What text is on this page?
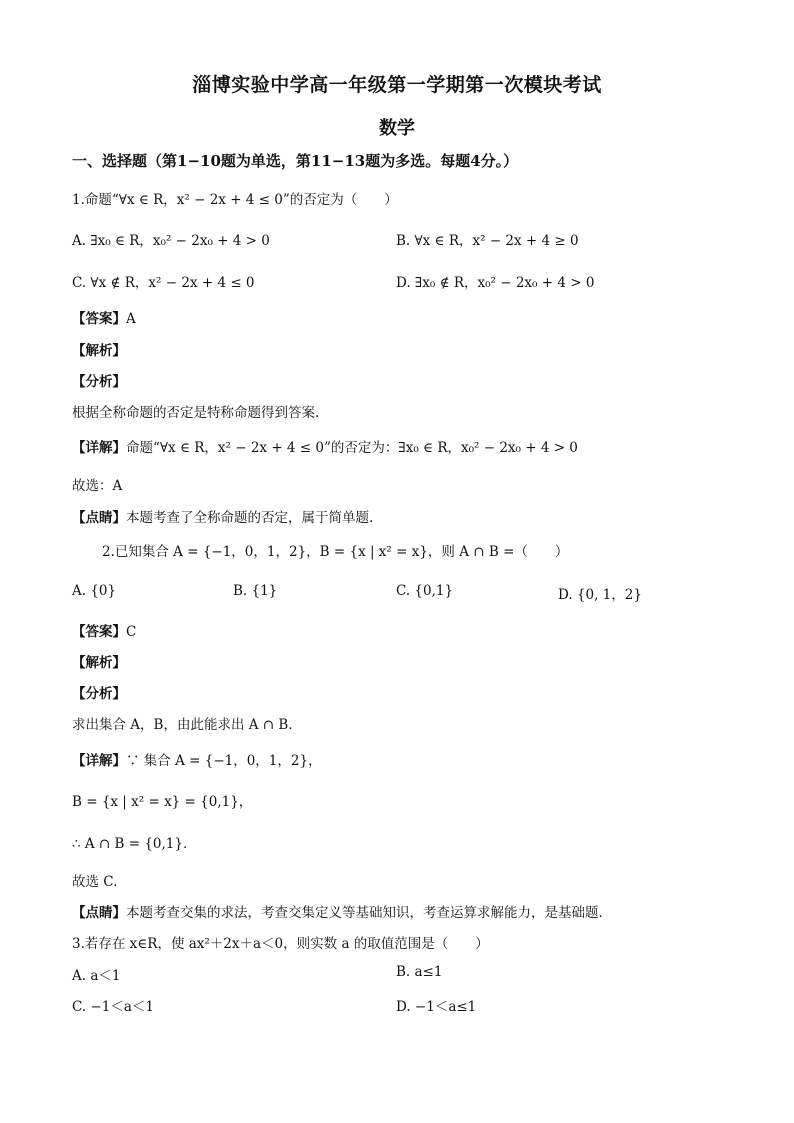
淄博实验中学高一年级第一学期第一次模块考试
数学
一、选择题（第1−10题为单选，第11−13题为多选。每题4分。）
1.命题“∀x ∈ R，x² − 2x + 4 ≤ 0”的否定为（　　）
A. ∃x₀ ∈ R，x₀² − 2x₀ + 4 > 0	B. ∀x ∈ R，x² − 2x + 4 ≥ 0
C. ∀x ∉ R，x² − 2x + 4 ≤ 0	D. ∃x₀ ∉ R，x₀² − 2x₀ + 4 > 0
【答案】A
【解析】
【分析】
根据全称命题的否定是特称命题得到答案.
【详解】命题“∀x ∈ R，x² − 2x + 4 ≤ 0”的否定为：∃x₀ ∈ R，x₀² − 2x₀ + 4 > 0
故选：A
【点睛】本题考查了全称命题的否定，属于简单题.
2.已知集合 A = {−1，0，1，2}，B = {x | x² = x}，则 A ∩ B =（　　）
A. {0}	B. {1}	C. {0,1}	D. {0, 1，2}
【答案】C
【解析】
【分析】
求出集合 A，B，由此能求出 A ∩ B．
【详解】∵ 集合 A = {−1，0，1，2}，
B = {x | x² = x} = {0,1}，
∴ A ∩ B = {0,1}．
故选 C.
【点睛】本题考查交集的求法，考查交集定义等基础知识，考查运算求解能力，是基础题．
3.若存在 x∈R，使 ax²＋2x＋a＜0，则实数 a 的取值范围是（　　）
A. a＜1	B. a≤1
C. −1＜a＜1	D. −1＜a≤1
